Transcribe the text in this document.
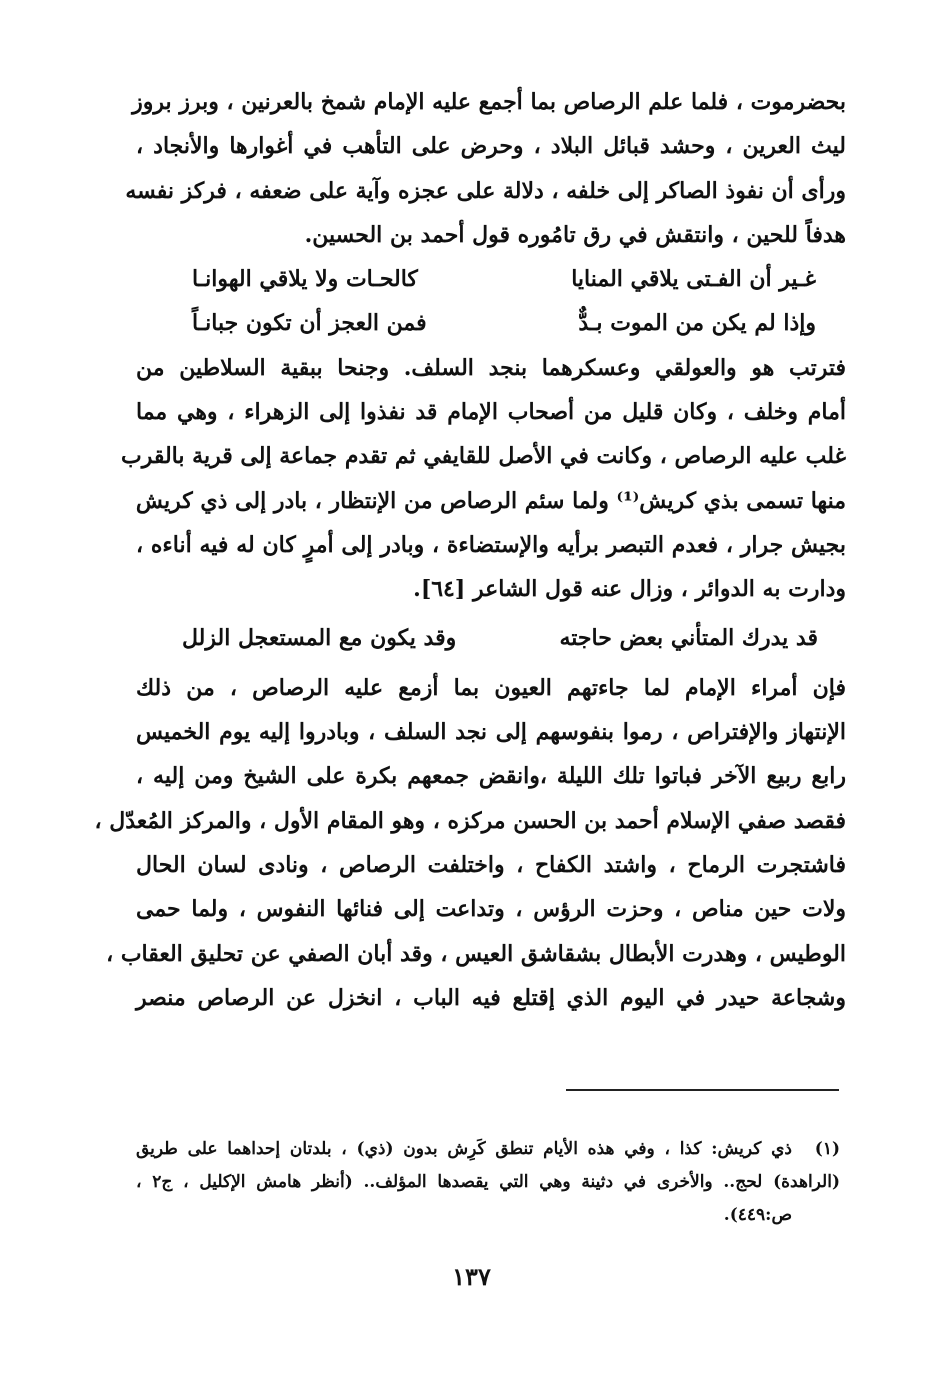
بحضرموت ، فلما علم الرصاص بما أجمع عليه الإمام شمخ بالعرنين ، وبرز بروز
ليث العرين ، وحشد قبائل البلاد ، وحرض على التأهب في أغوارها والأنجاد ،
ورأى أن نفوذ الصاكر إلى خلفه ، دلالة على عجزه وآية على ضعفه ، فركز نفسه
هدفاً للحين ، وانتقش في رق تامُوره قول أحمد بن الحسين.
غـير أن الفـتى يلاقي المنايا
كالحـات ولا يلاقي الهوانـا
وإذا لم يكن من الموت بـدٌّ
فمن العجز أن تكون جبانـاً
فترتب هو والعولقي وعسكرهما بنجد السلف. وجنحا ببقية السلاطين من
أمام وخلف ، وكان قليل من أصحاب الإمام قد نفذوا إلى الزهراء ، وهي مما
غلب عليه الرصاص ، وكانت في الأصل للقايفي ثم تقدم جماعة إلى قرية بالقرب
منها تسمى بذي كريش⁽¹⁾ ولما سئم الرصاص من الإنتظار ، بادر إلى ذي كريش
بجيش جرار ، فعدم التبصر برأيه والإستضاءة ، وبادر إلى أمرٍ كان له فيه أناءه ،
ودارت به الدوائر ، وزال عنه قول الشاعر [٦٤].
قد يدرك المتأني بعض حاجته
وقد يكون مع المستعجل الزلل
فإن أمراء الإمام لما جاءتهم العيون بما أزمع عليه الرصاص ، من ذلك
الإنتهاز والإفتراص ، رموا بنفوسهم إلى نجد السلف ، وبادروا إليه يوم الخميس
رابع ربيع الآخر فباتوا تلك الليلة ،وانقض جمعهم بكرة على الشيخ ومن إليه ،
فقصد صفي الإسلام أحمد بن الحسن مركزه ، وهو المقام الأول ، والمركز المُعدّل ،
فاشتجرت الرماح ، واشتد الكفاح ، واختلفت الرصاص ، ونادى لسان الحال
ولات حين مناص ، وحزت الرؤس ، وتداعت إلى فنائها النفوس ، ولما حمى
الوطيس ، وهدرت الأبطال بشقاشق العيس ، وقد أبان الصفي عن تحليق العقاب ،
وشجاعة حيدر في اليوم الذي إقتلع فيه الباب ، انخزل عن الرصاص منصر
(١)
ذي كريش: كذا ، وفي هذه الأيام تنطق كَرِش بدون (ذي) ، بلدتان إحداهما على طريق
(الراهدة) لحج.. والأخرى في دثينة وهي التي يقصدها المؤلف.. (أنظر هامش الإكليل ، ج٢ ،
ص:٤٤٩).
١٣٧
